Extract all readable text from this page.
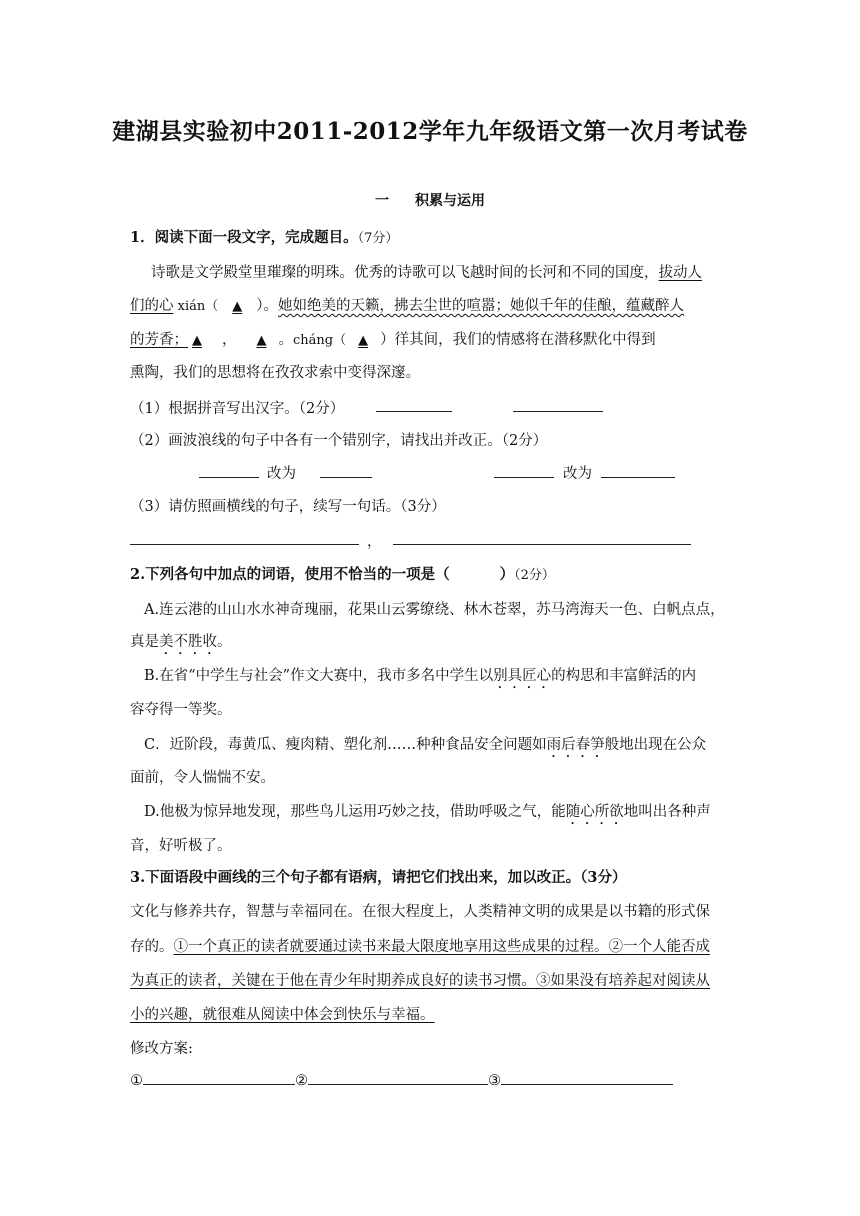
建湖县实验初中2011-2012学年九年级语文第一次月考试卷
一 积累与运用
1．阅读下面一段文字，完成题目。（7分）
诗歌是文学殿堂里璀璨的明珠。优秀的诗歌可以飞越时间的长河和不同的国度，拔动人
们的心 xián（ ▲ ）。她如绝美的天籁，拂去尘世的喧嚣；她似千年的佳酿，蕴藏醉人
的芳香； ▲ ， ▲ 。cháng（ ▲ ）徉其间，我们的情感将在潜移默化中得到
熏陶，我们的思想将在孜孜求索中变得深邃。
（1）根据拼音写出汉字。（2分）
（2）画波浪线的句子中各有一个错别字，请找出并改正。（2分）
改为	改为
（3）请仿照画横线的句子，续写一句话。（3分）
，
2.下列各句中加点的词语，使用不恰当的一项是（	）（2分）
A.连云港的山山水水神奇瑰丽，花果山云雾缭绕、林木苍翠，苏马湾海天一色、白帆点点，
真是美不胜收。
B.在省“中学生与社会”作文大赛中，我市多名中学生以别具匠心的构思和丰富鲜活的内
容夺得一等奖。
C．近阶段，毒黄瓜、瘦肉精、塑化剂……种种食品安全问题如雨后春笋般地出现在公众
面前，令人惴惴不安。
D.他极为惊异地发现，那些鸟儿运用巧妙之技，借助呼吸之气，能随心所欲地叫出各种声
音，好听极了。
3.下面语段中画线的三个句子都有语病，请把它们找出来，加以改正。（3分）
文化与修养共存，智慧与幸福同在。在很大程度上，人类精神文明的成果是以书籍的形式保
存的。①一个真正的读者就要通过读书来最大限度地享用这些成果的过程。②一个人能否成
为真正的读者，关键在于他在青少年时期养成良好的读书习惯。③如果没有培养起对阅读从
小的兴趣，就很难从阅读中体会到快乐与幸福。
修改方案:
①	②	③
